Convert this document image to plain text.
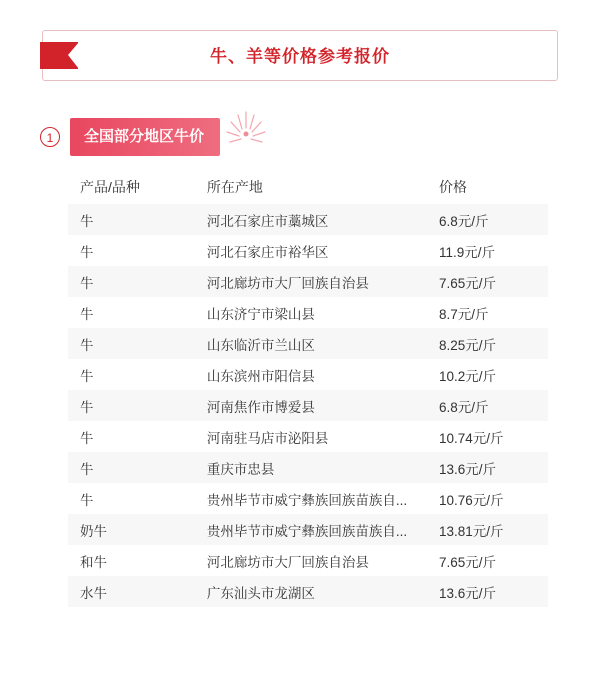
牛、羊等价格参考报价
1	全国部分地区牛价
产品/品种	所在产地	价格
牛	河北石家庄市藁城区	6.8元/斤
牛	河北石家庄市裕华区	11.9元/斤
牛	河北廊坊市大厂回族自治县	7.65元/斤
牛	山东济宁市梁山县	8.7元/斤
牛	山东临沂市兰山区	8.25元/斤
牛	山东滨州市阳信县	10.2元/斤
牛	河南焦作市博爱县	6.8元/斤
牛	河南驻马店市泌阳县	10.74元/斤
牛	重庆市忠县	13.6元/斤
牛	贵州毕节市威宁彝族回族苗族自...	10.76元/斤
奶牛	贵州毕节市威宁彝族回族苗族自...	13.81元/斤
和牛	河北廊坊市大厂回族自治县	7.65元/斤
水牛	广东汕头市龙湖区	13.6元/斤
